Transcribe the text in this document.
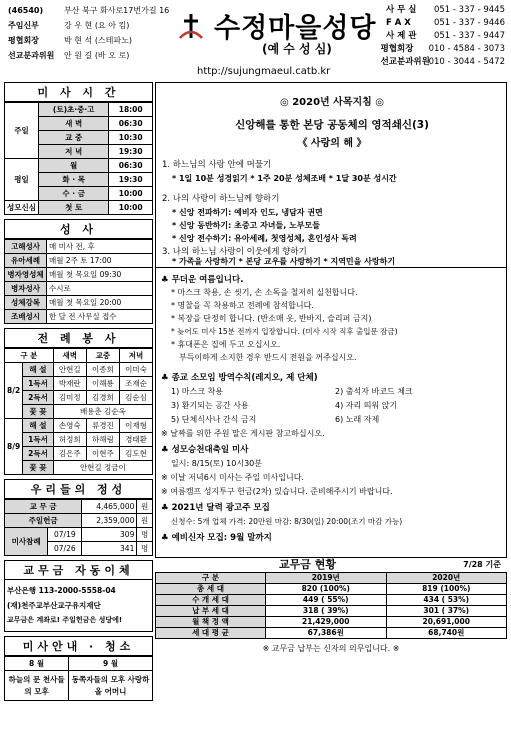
(46540)	부산 북구 화사로17번가길 16
주임신부	강 우 현 (요 아 킴)
평협회장	박 현 석 (스테파노)
선교분과위원 안 원 길 (바 오 로)
수정마을성당
(예 수 성 심)
http://sujungmaeul.catb.kr
사 무 실 051 - 337 - 9445
F A X	051 - 337 - 9446
사 제 관 051 - 337 - 9447
평협회장 010 - 4584 - 3073
선교분과위원010 - 3044 - 5472
미 사 시 간
주일	(토)초·중·고	18:00
	새 벽	06:30
	교 중	10:30
	저 녁	19:30
평일	월	06:30
	화 · 목	19:30
	수 · 금	10:00
성모신심	첫 토	10:00
성 사
고해성사	매 미사 전, 후
유아세례	매월 2주 토 17:00
병자영성체	매월 첫 목요일 09:30
병자성사	수시로
성체강복	매월 첫 목요일 20:00
조배성시	한 달 전 사무실 접수
전 례 봉 사
구 분		새벽	교중	저녁
8/2	해 설	안현길	이종희	이미숙
	1독서	박재란	이해룡	조재순
	2독서	김미정	김경희	김순심
	꽃 꽂	배용춘 김순옥		
8/9	해 설	손영숙	류경진	이재형
	1독서	허정희	하해림	경태환
	2독서	김은주	이현주	김도현
	꽃 꽂	안현길 정금이		
우리들의 정성
교 무 금		4,465,000	원
주일헌금		2,359,000	원
미사참례	07/19	309	명
	07/26	341	명
교무금 자동이체
부산은행 113-2000-5558-04
(재)천주교부산교구유지재단
교무금은 계좌로! 주일헌금은 성당에!
미사안내 · 청소
8 월	9 월
하늘의 문 천사들의 모후	동쪽자들의 모후 사랑하올 어머니
◎ 2020년 사목지침 ◎
신앙해를 통한 본당 공동체의 영적쇄신(3)
《 사랑의 해 》
1. 하느님의 사랑 안에 머물기
* 1일 10분 성경읽기 * 1주 20분 성체조배 * 1달 30분 성시간
2. 나의 사랑이 하느님께 향하기
* 신앙 전파하기: 예비자 인도, 냉담자 권면
* 신앙 동반하기: 초중고 자녀들, 노부모들
* 신앙 전수하기: 유아세례, 첫영성체, 혼인성사 독려
3. 나의 하느님 사랑이 이웃에게 향하기
* 가족을 사랑하기 * 본당 교우를 사랑하기 * 지역민을 사랑하기
♣ 무더운 여름입니다.
* 마스크 착용, 손 씻기, 손 소독을 철저히 실천합니다.
* 명찰을 꼭 착용하고 전례에 참석합니다.
* 복장을 단정히 합니다. (반소매 옷, 반바지, 슬리퍼 금지)
* 늦어도 미사 15분 전까지 입장합니다. (미사 시작 직후 출입문 잠금)
* 휴대폰은 집에 두고 오십시오.
부득이하게 소지한 경우 반드시 전원을 꺼주십시오.
♣ 종교 소모임 방역수칙(레지오, 제 단체)
1) 마스크 착용	2) 출석자 바코드 체크
3) 환기되는 공간 사용	4) 자리 띄워 앉기
5) 단체식사나 간식 금지	6) 노래 자제
※ 날짜를 위한 주원 말은 게시판 참고하십시오.
♣ 성모승천대축일 미사
일시: 8/15(토) 10시30분
※ 이날 저녁6시 미사는 주일 미사입니다.
※ 여름캠프 성지투구 헌금(2차) 있습니다. 준비해주시기 바랍니다.
♣ 2021년 달력 광고주 모집
신청수: 5개 업체 가격: 20만원 마감: 8/30(일) 20:00(조기 마감 가능)
♣ 예비신자 모집: 9월 말까지
교무금 현황	7/28 기준
구 분	2019년	2020년
총 세 대	820 (100%)	819 (100%)
수 개 세 대	449 ( 55%)	434 ( 53%)
납 부 세 대	318 ( 39%)	301 ( 37%)
월 책 정 액	21,429,000	20,691,000
세 대 평 균	67,386원	68,740원
※ 교무금 납부는 신자의 의무입니다. ※
